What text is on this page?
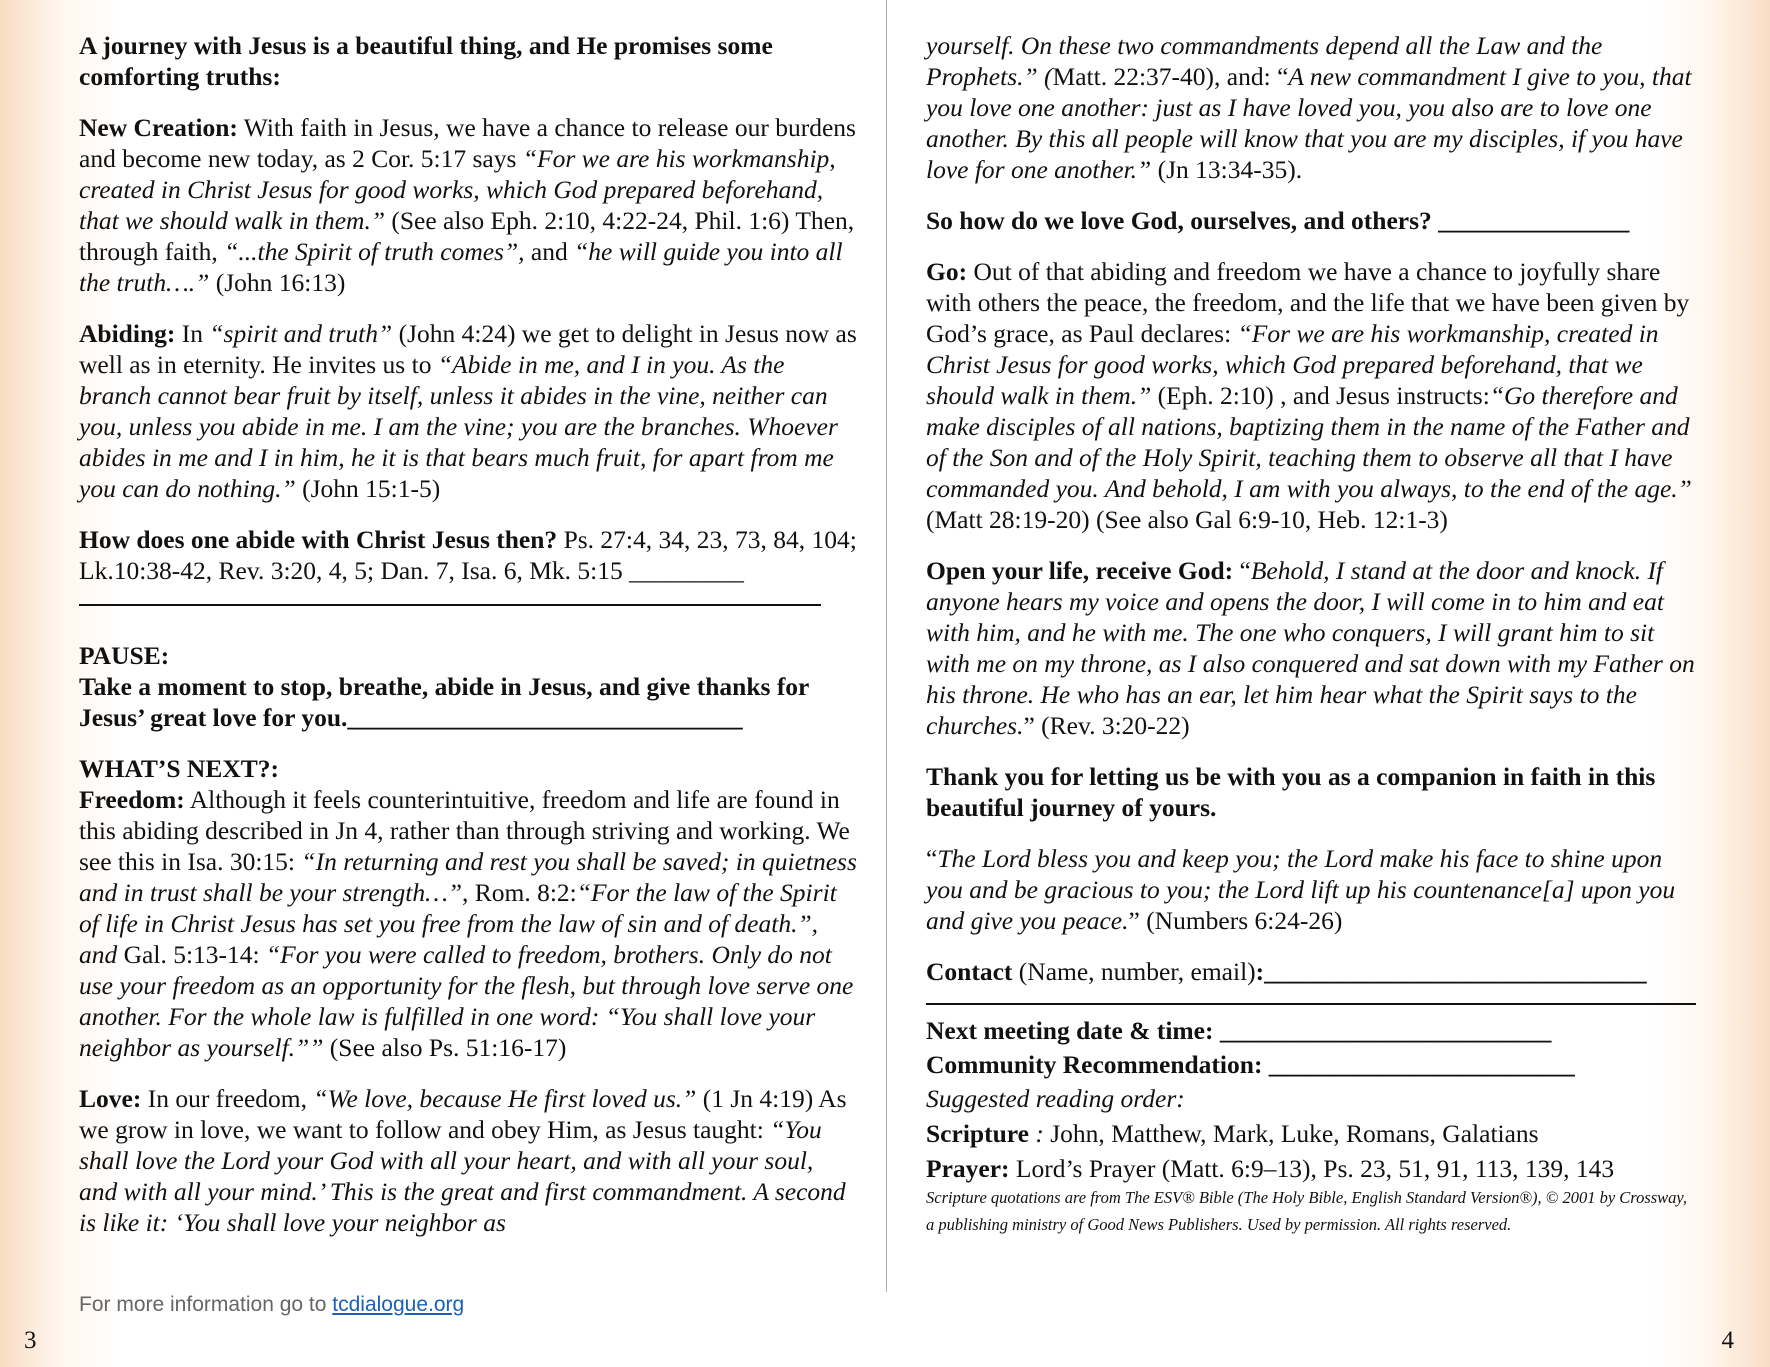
A journey with Jesus is a beautiful thing, and He promises some comforting truths:

New Creation: With faith in Jesus, we have a chance to release our burdens and become new today, as 2 Cor. 5:17 says “For we are his workmanship, created in Christ Jesus for good works, which God prepared beforehand, that we should walk in them.” (See also Eph. 2:10, 4:22-24, Phil. 1:6) Then, through faith, “...the Spirit of truth comes”, and “he will guide you into all the truth….” (John 16:13)

Abiding: In “spirit and truth” (John 4:24) we get to delight in Jesus now as well as in eternity. He invites us to “Abide in me, and I in you. As the branch cannot bear fruit by itself, unless it abides in the vine, neither can you, unless you abide in me. I am the vine; you are the branches. Whoever abides in me and I in him, he it is that bears much fruit, for apart from me you can do nothing.” (John 15:1-5)

How does one abide with Christ Jesus then? Ps. 27:4, 34, 23, 73, 84, 104; Lk.10:38-42, Rev. 3:20, 4, 5; Dan. 7, Isa. 6, Mk. 5:15 _________

PAUSE:

Take a moment to stop, breathe, abide in Jesus, and give thanks for Jesus’ great love for you._______________________________

WHAT’S NEXT?:

Freedom: Although it feels counterintuitive, freedom and life are found in this abiding described in Jn 4, rather than through striving and working. We see this in Isa. 30:15: “In returning and rest you shall be saved; in quietness and in trust shall be your strength…”, Rom. 8:2:“For the law of the Spirit of life in Christ Jesus has set you free from the law of sin and of death.”, and Gal. 5:13-14: “For you were called to freedom, brothers. Only do not use your freedom as an opportunity for the flesh, but through love serve one another. For the whole law is fulfilled in one word: “You shall love your neighbor as yourself.”” (See also Ps. 51:16-17)

Love: In our freedom, “We love, because He first loved us.” (1 Jn 4:19) As we grow in love, we want to follow and obey Him, as Jesus taught: “You shall love the Lord your God with all your heart, and with all your soul, and with all your mind.’ This is the great and first commandment. A second is like it: ‘You shall love your neighbor as

For more information go to tcdialogue.org

yourself. On these two commandments depend all the Law and the Prophets.” (Matt. 22:37-40), and: “A new commandment I give to you, that you love one another: just as I have loved you, you also are to love one another. By this all people will know that you are my disciples, if you have love for one another.” (Jn 13:34-35).

So how do we love God, ourselves, and others? _______________

Go: Out of that abiding and freedom we have a chance to joyfully share with others the peace, the freedom, and the life that we have been given by God’s grace, as Paul declares: “For we are his workmanship, created in Christ Jesus for good works, which God prepared beforehand, that we should walk in them.” (Eph. 2:10) , and Jesus instructs:“Go therefore and make disciples of all nations, baptizing them in the name of the Father and of the Son and of the Holy Spirit, teaching them to observe all that I have commanded you. And behold, I am with you always, to the end of the age.” (Matt 28:19-20) (See also Gal 6:9-10, Heb. 12:1-3)

Open your life, receive God: “Behold, I stand at the door and knock. If anyone hears my voice and opens the door, I will come in to him and eat with him, and he with me. The one who conquers, I will grant him to sit with me on my throne, as I also conquered and sat down with my Father on his throne. He who has an ear, let him hear what the Spirit says to the churches.” (Rev. 3:20-22)

Thank you for letting us be with you as a companion in faith in this beautiful journey of yours.

“The Lord bless you and keep you; the Lord make his face to shine upon you and be gracious to you; the Lord lift up his countenance[a] upon you and give you peace.” (Numbers 6:24-26)

Contact (Name, number, email):______________________________

Next meeting date & time: __________________________

Community Recommendation: ________________________

Suggested reading order:

Scripture : John, Matthew, Mark, Luke, Romans, Galatians

Prayer: Lord’s Prayer (Matt. 6:9–13), Ps. 23, 51, 91, 113, 139, 143

Scripture quotations are from The ESV® Bible (The Holy Bible, English Standard Version®), © 2001 by Crossway, a publishing ministry of Good News Publishers. Used by permission. All rights reserved.

3	4
